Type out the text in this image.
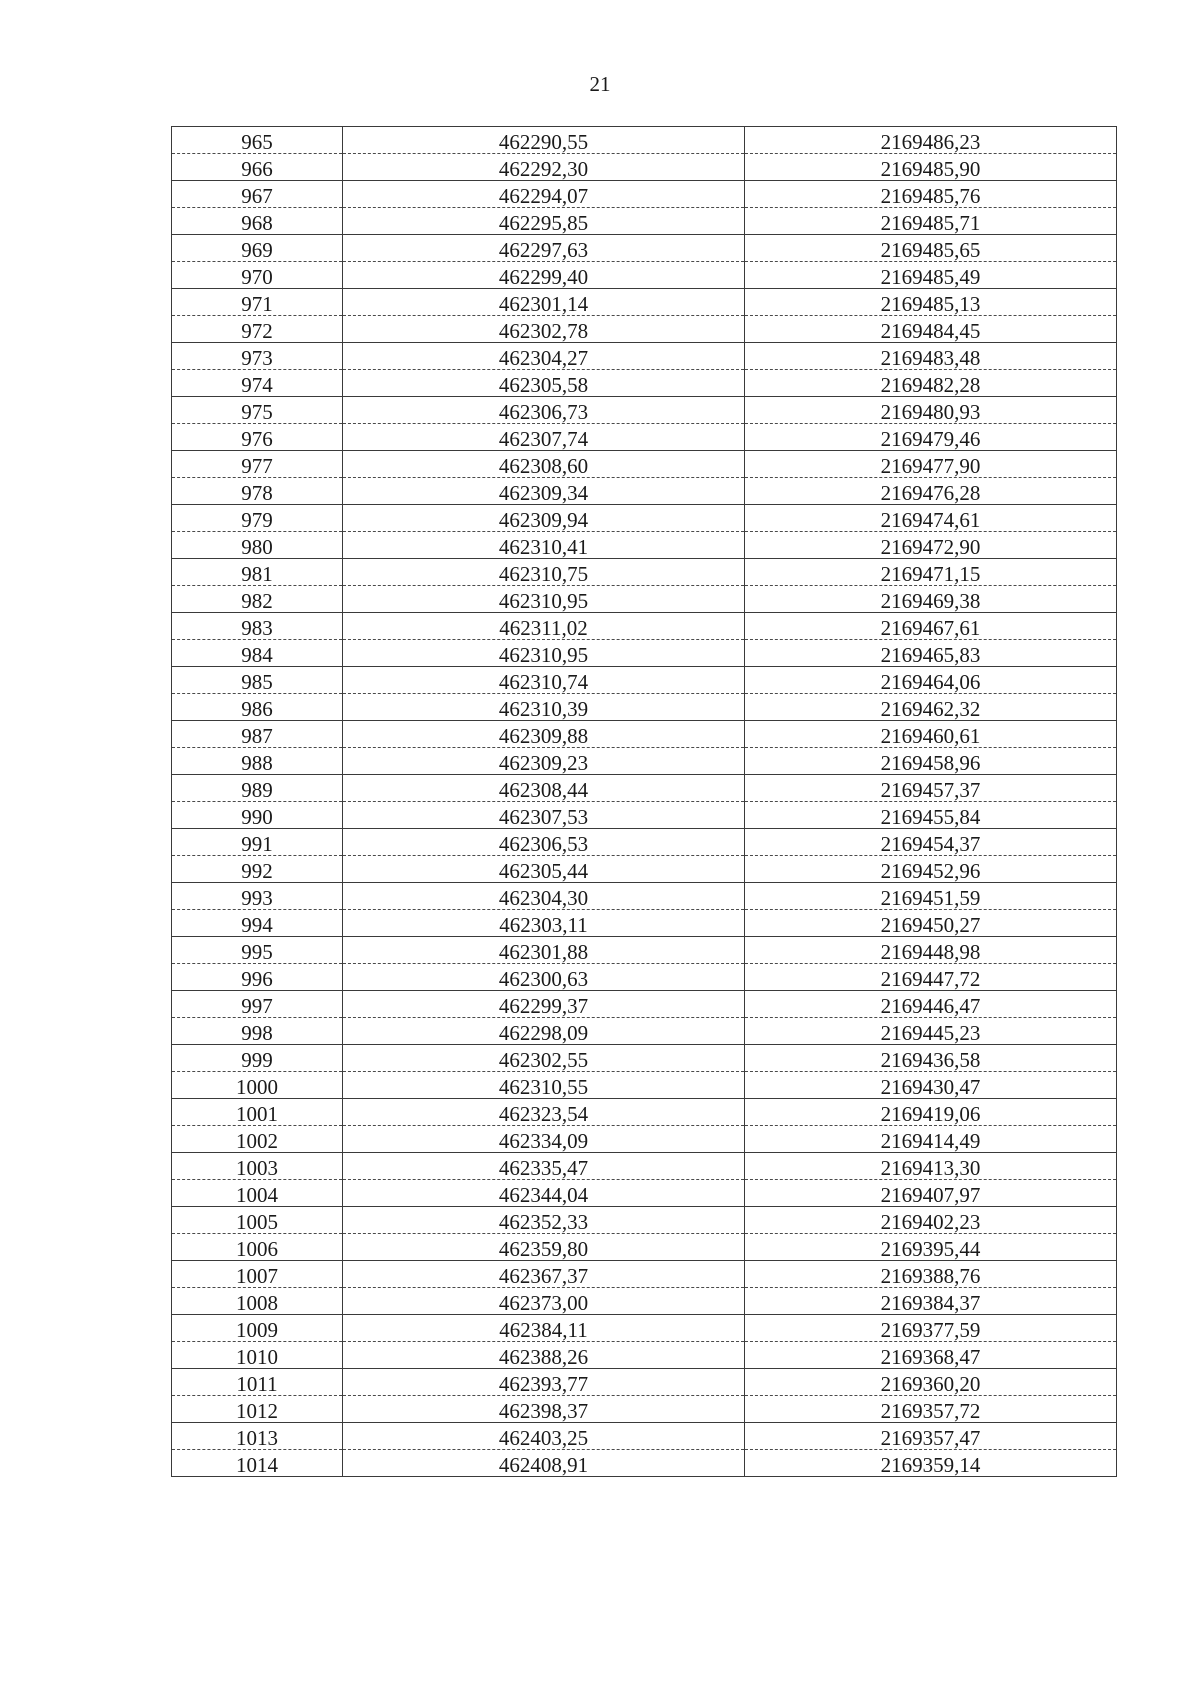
21
965	462290,55	2169486,23
966	462292,30	2169485,90
967	462294,07	2169485,76
968	462295,85	2169485,71
969	462297,63	2169485,65
970	462299,40	2169485,49
971	462301,14	2169485,13
972	462302,78	2169484,45
973	462304,27	2169483,48
974	462305,58	2169482,28
975	462306,73	2169480,93
976	462307,74	2169479,46
977	462308,60	2169477,90
978	462309,34	2169476,28
979	462309,94	2169474,61
980	462310,41	2169472,90
981	462310,75	2169471,15
982	462310,95	2169469,38
983	462311,02	2169467,61
984	462310,95	2169465,83
985	462310,74	2169464,06
986	462310,39	2169462,32
987	462309,88	2169460,61
988	462309,23	2169458,96
989	462308,44	2169457,37
990	462307,53	2169455,84
991	462306,53	2169454,37
992	462305,44	2169452,96
993	462304,30	2169451,59
994	462303,11	2169450,27
995	462301,88	2169448,98
996	462300,63	2169447,72
997	462299,37	2169446,47
998	462298,09	2169445,23
999	462302,55	2169436,58
1000	462310,55	2169430,47
1001	462323,54	2169419,06
1002	462334,09	2169414,49
1003	462335,47	2169413,30
1004	462344,04	2169407,97
1005	462352,33	2169402,23
1006	462359,80	2169395,44
1007	462367,37	2169388,76
1008	462373,00	2169384,37
1009	462384,11	2169377,59
1010	462388,26	2169368,47
1011	462393,77	2169360,20
1012	462398,37	2169357,72
1013	462403,25	2169357,47
1014	462408,91	2169359,14
